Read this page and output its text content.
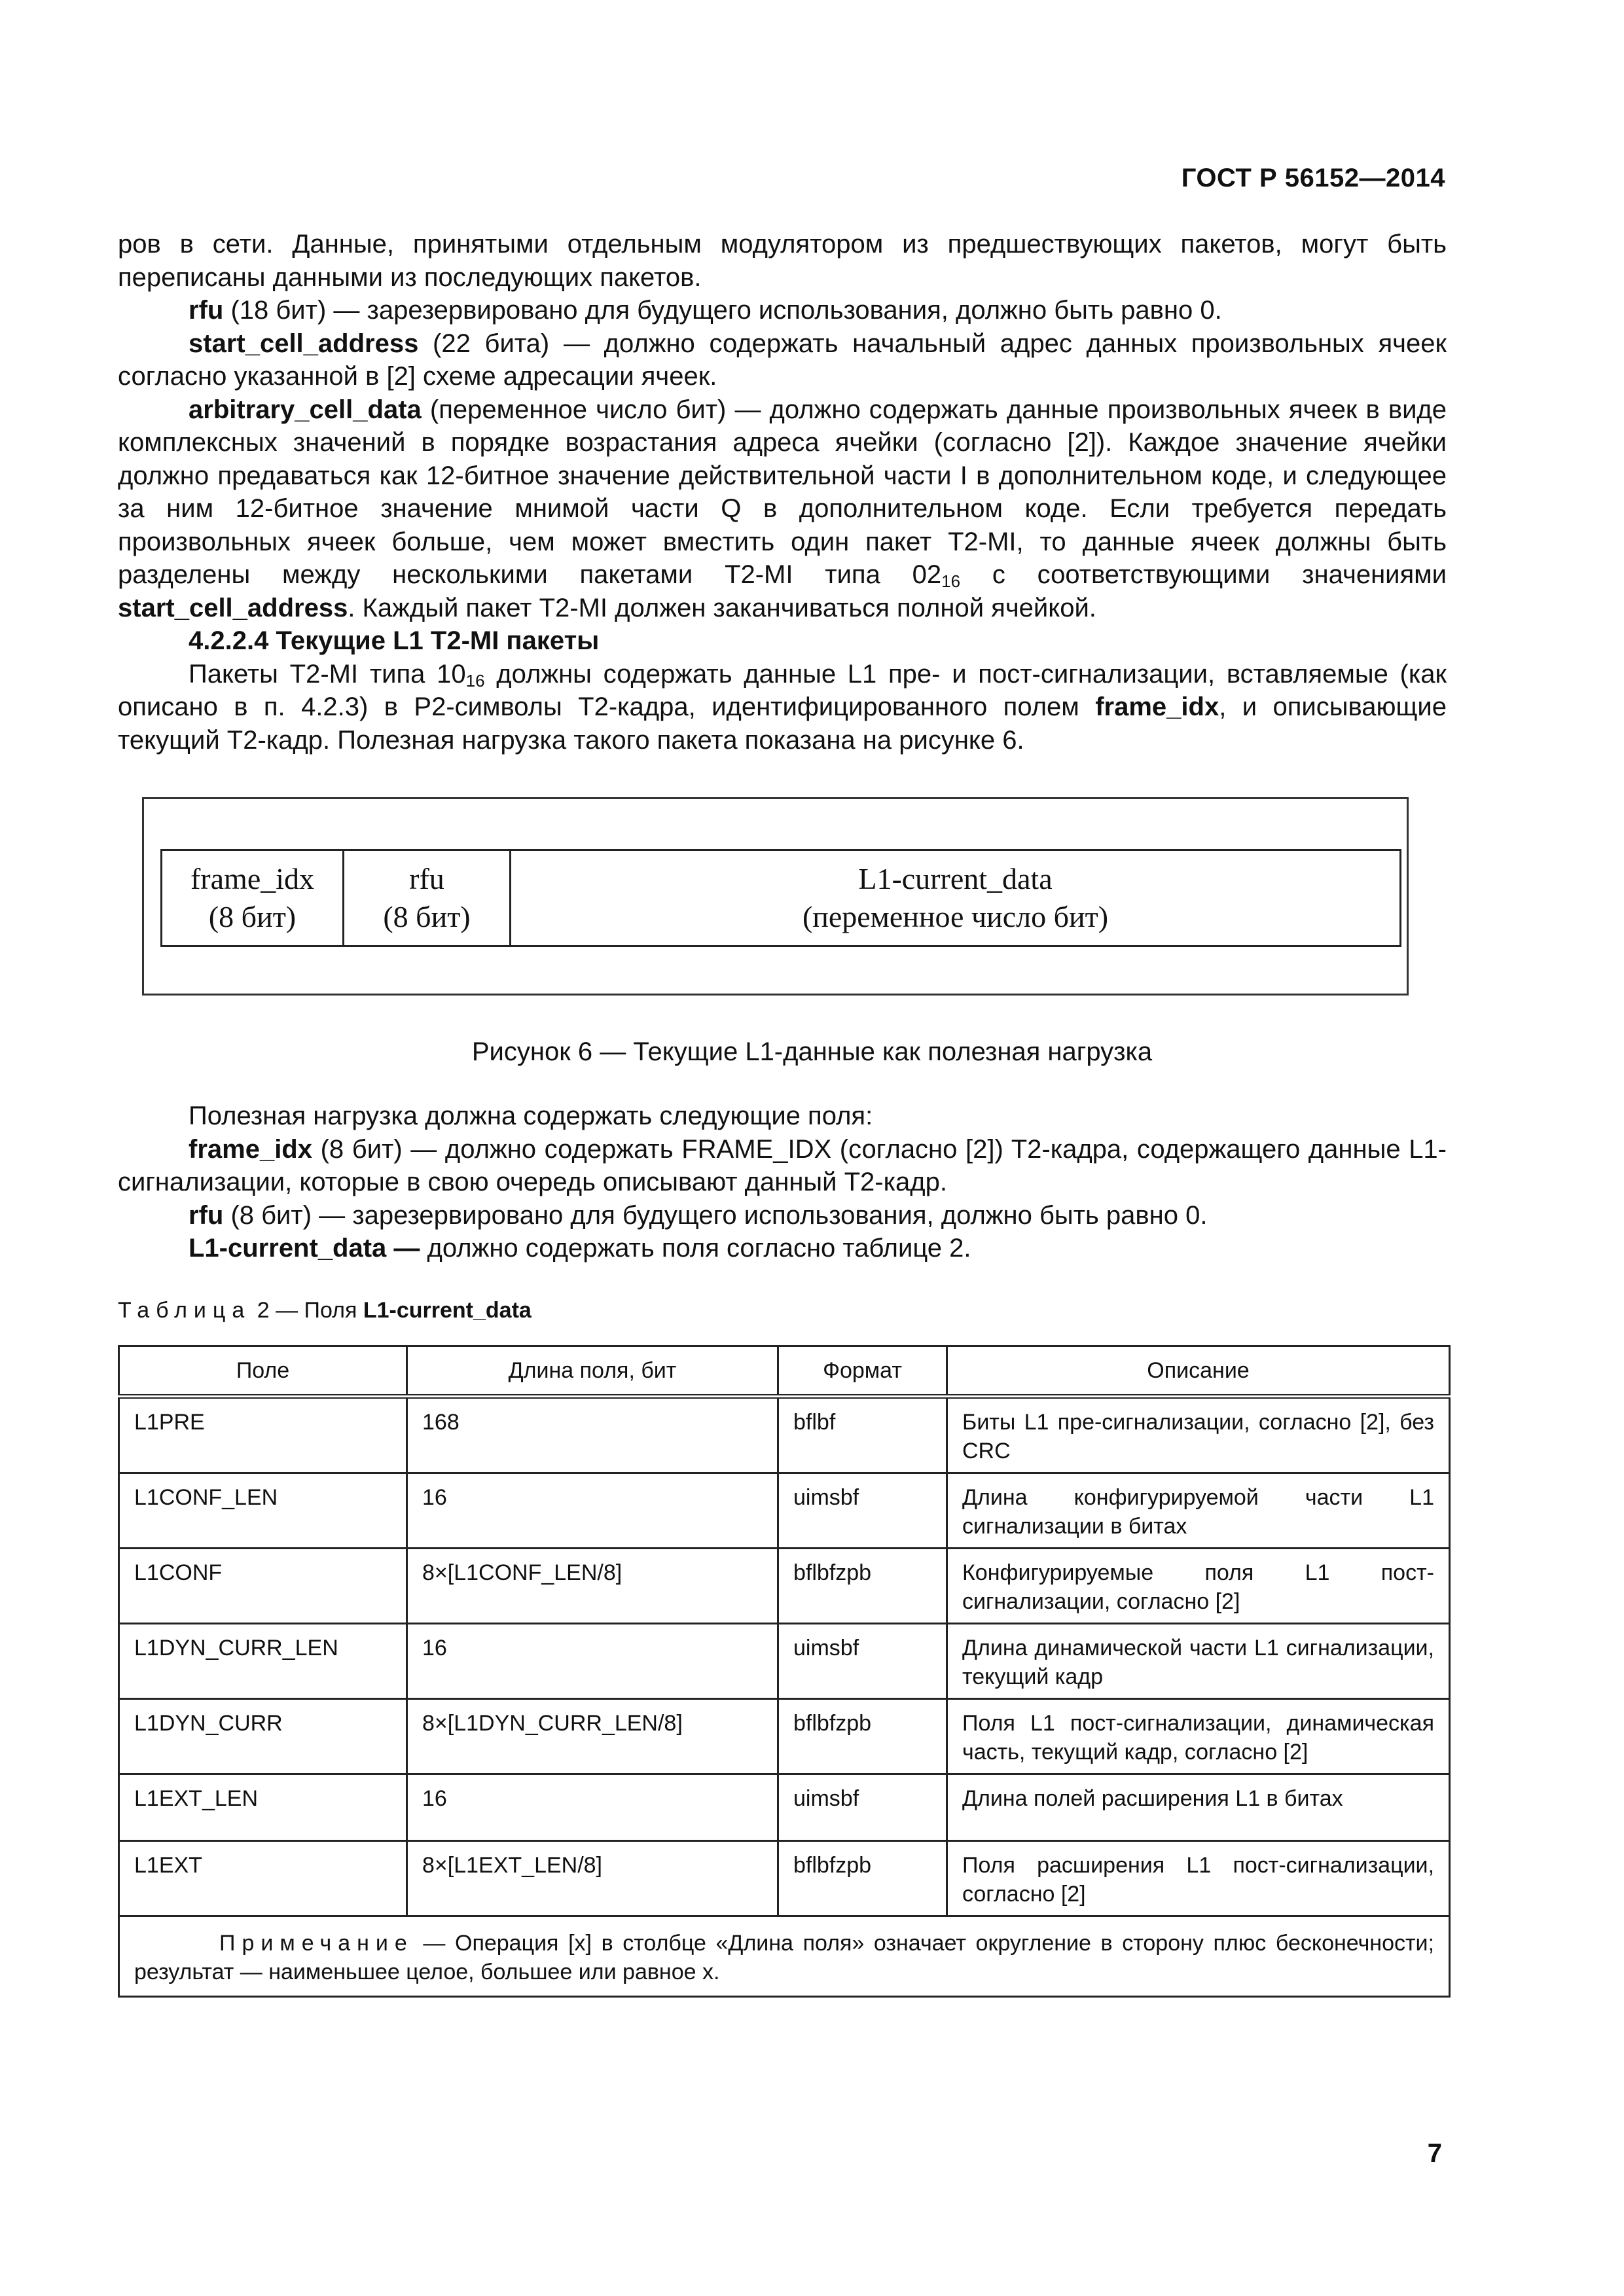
ГОСТ Р 56152—2014

ров в сети. Данные, принятыми отдельным модулятором из предшествующих пакетов, могут быть переписаны данными из последующих пакетов.

rfu (18 бит) — зарезервировано для будущего использования, должно быть равно 0.

start_cell_address (22 бита) — должно содержать начальный адрес данных произвольных ячеек согласно указанной в [2] схеме адресации ячеек.

arbitrary_cell_data (переменное число бит) — должно содержать данные произвольных ячеек в виде комплексных значений в порядке возрастания адреса ячейки (согласно [2]). Каждое значение ячейки должно предаваться как 12-битное значение действительной части I в дополнительном коде, и следующее за ним 12-битное значение мнимой части Q в дополнительном коде. Если требуется передать произвольных ячеек больше, чем может вместить один пакет T2-MI, то данные ячеек должны быть разделены между несколькими пакетами T2-MI типа $02_{16}$ с соответствующими значениями start_cell_address. Каждый пакет T2-MI должен заканчиваться полной ячейкой.

4.2.2.4 Текущие L1 T2-MI пакеты

Пакеты T2-MI типа $10_{16}$ должны содержать данные L1 пре- и пост-сигнализации, вставляемые (как описано в п. 4.2.3) в P2-символы T2-кадра, идентифицированного полем frame_idx, и описывающие текущий T2-кадр. Полезная нагрузка такого пакета показана на рисунке 6.

frame_idx
(8 бит)
rfu
(8 бит)
L1-current_data
(переменное число бит)
Рисунок 6 — Текущие L1-данные как полезная нагрузка

Полезная нагрузка должна содержать следующие поля:

frame_idx (8 бит) — должно содержать FRAME_IDX (согласно [2]) T2-кадра, содержащего данные L1-сигнализации, которые в свою очередь описывают данный T2-кадр.

rfu (8 бит) — зарезервировано для будущего использования, должно быть равно 0.

L1-current_data — должно содержать поля согласно таблице 2.

Таблица 2 — Поля L1-current_data
Поле	Длина поля, бит	Формат	Описание
L1PRE	168	bflbf	Биты L1 пре-сигнализации, согласно [2], без CRC
L1CONF_LEN	16	uimsbf	Длина конфигурируемой части L1 сигнализации в битах
L1CONF	8×[L1CONF_LEN/8]	bflbfzpb	Конфигурируемые поля L1 пост-сигнализации, согласно [2]
L1DYN_CURR_LEN	16	uimsbf	Длина динамической части L1 сигнализации, текущий кадр
L1DYN_CURR	8×[L1DYN_CURR_LEN/8]	bflbfzpb	Поля L1 пост-сигнализации, динамическая часть, текущий кадр, согласно [2]
L1EXT_LEN	16	uimsbf	Длина полей расширения L1 в битах
L1EXT	8×[L1EXT_LEN/8]	bflbfzpb	Поля расширения L1 пост-сигнализации, согласно [2]
Примечание — Операция [x] в столбце «Длина поля» означает округление в сторону плюс бесконечности; результат — наименьшее целое, большее или равное x.			
7
